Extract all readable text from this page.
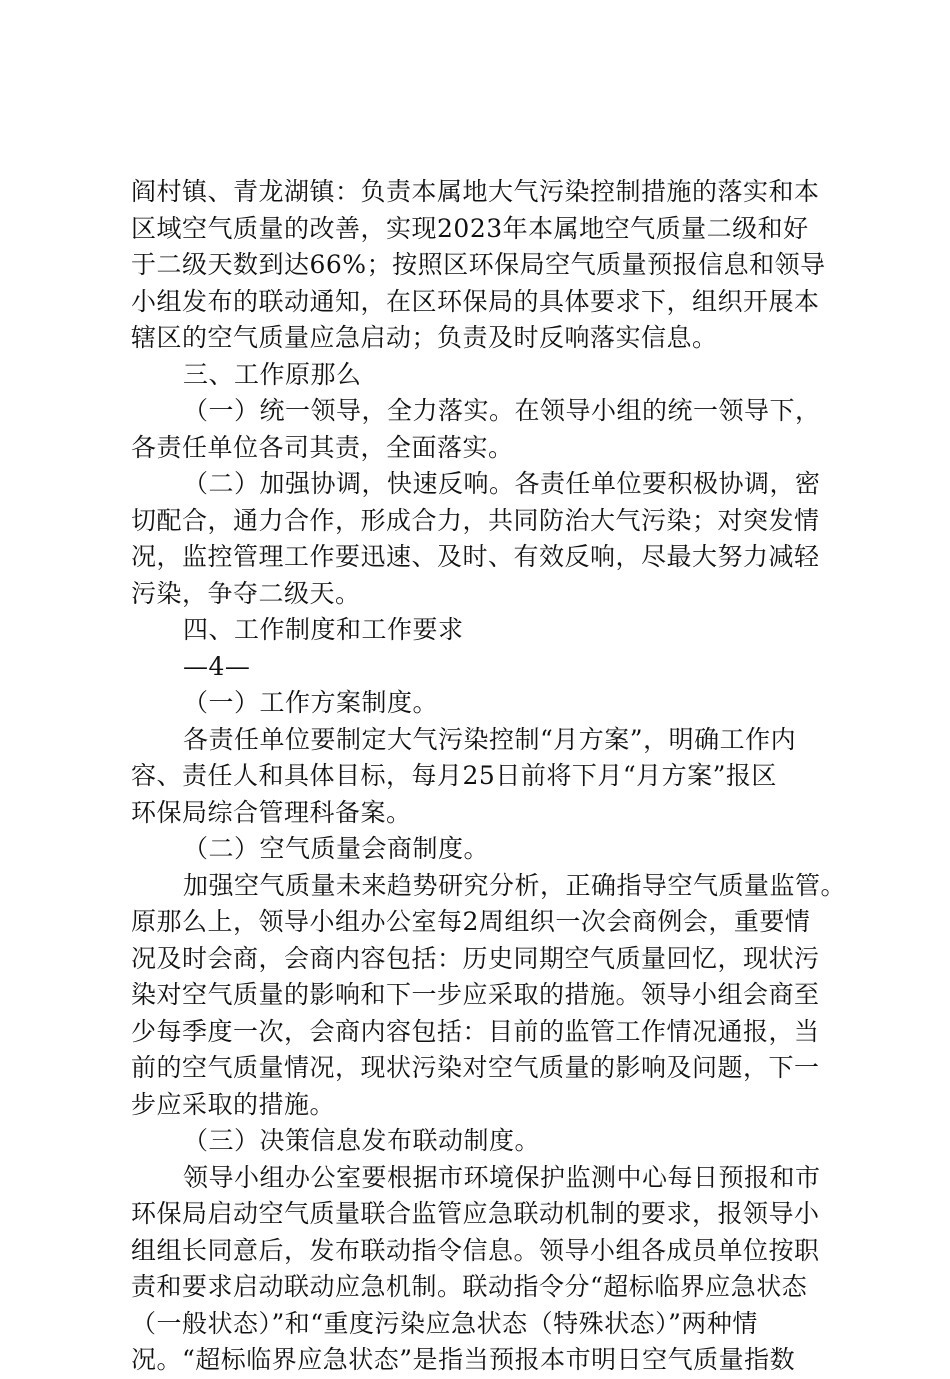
阎村镇、青龙湖镇：负责本属地大气污染控制措施的落实和本
区域空气质量的改善，实现2023年本属地空气质量二级和好
于二级天数到达66%；按照区环保局空气质量预报信息和领导
小组发布的联动通知，在区环保局的具体要求下，组织开展本
辖区的空气质量应急启动；负责及时反响落实信息。
三、工作原那么
（一）统一领导，全力落实。在领导小组的统一领导下，
各责任单位各司其责，全面落实。
（二）加强协调，快速反响。各责任单位要积极协调，密
切配合，通力合作，形成合力，共同防治大气污染；对突发情
况，监控管理工作要迅速、及时、有效反响，尽最大努力减轻
污染，争夺二级天。
四、工作制度和工作要求
—4—
（一）工作方案制度。
各责任单位要制定大气污染控制“月方案”，明确工作内
容、责任人和具体目标，每月25日前将下月“月方案”报区
环保局综合管理科备案。
（二）空气质量会商制度。
加强空气质量未来趋势研究分析，正确指导空气质量监管。
原那么上，领导小组办公室每2周组织一次会商例会，重要情
况及时会商，会商内容包括：历史同期空气质量回忆，现状污
染对空气质量的影响和下一步应采取的措施。领导小组会商至
少每季度一次，会商内容包括：目前的监管工作情况通报，当
前的空气质量情况，现状污染对空气质量的影响及问题，下一
步应采取的措施。
（三）决策信息发布联动制度。
领导小组办公室要根据市环境保护监测中心每日预报和市
环保局启动空气质量联合监管应急联动机制的要求，报领导小
组组长同意后，发布联动指令信息。领导小组各成员单位按职
责和要求启动联动应急机制。联动指令分“超标临界应急状态
（一般状态）”和“重度污染应急状态（特殊状态）”两种情
况。“超标临界应急状态”是指当预报本市明日空气质量指数
